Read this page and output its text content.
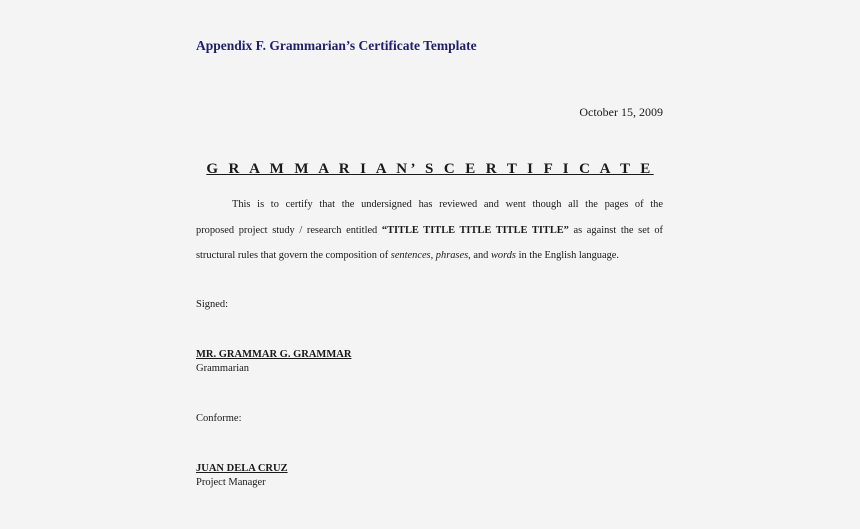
Appendix F. Grammarian’s Certificate Template
October 15, 2009
G R A M M A R I A N’ S C E R T I F I C A T E
This is to certify that the undersigned has reviewed and went though all the pages of the
proposed project study / research entitled “TITLE TITLE TITLE TITLE TITLE” as against the set of
structural rules that govern the composition of sentences, phrases, and words in the English language.
Signed:
MR. GRAMMAR G. GRAMMAR
Grammarian
Conforme:
JUAN DELA CRUZ
Project Manager
